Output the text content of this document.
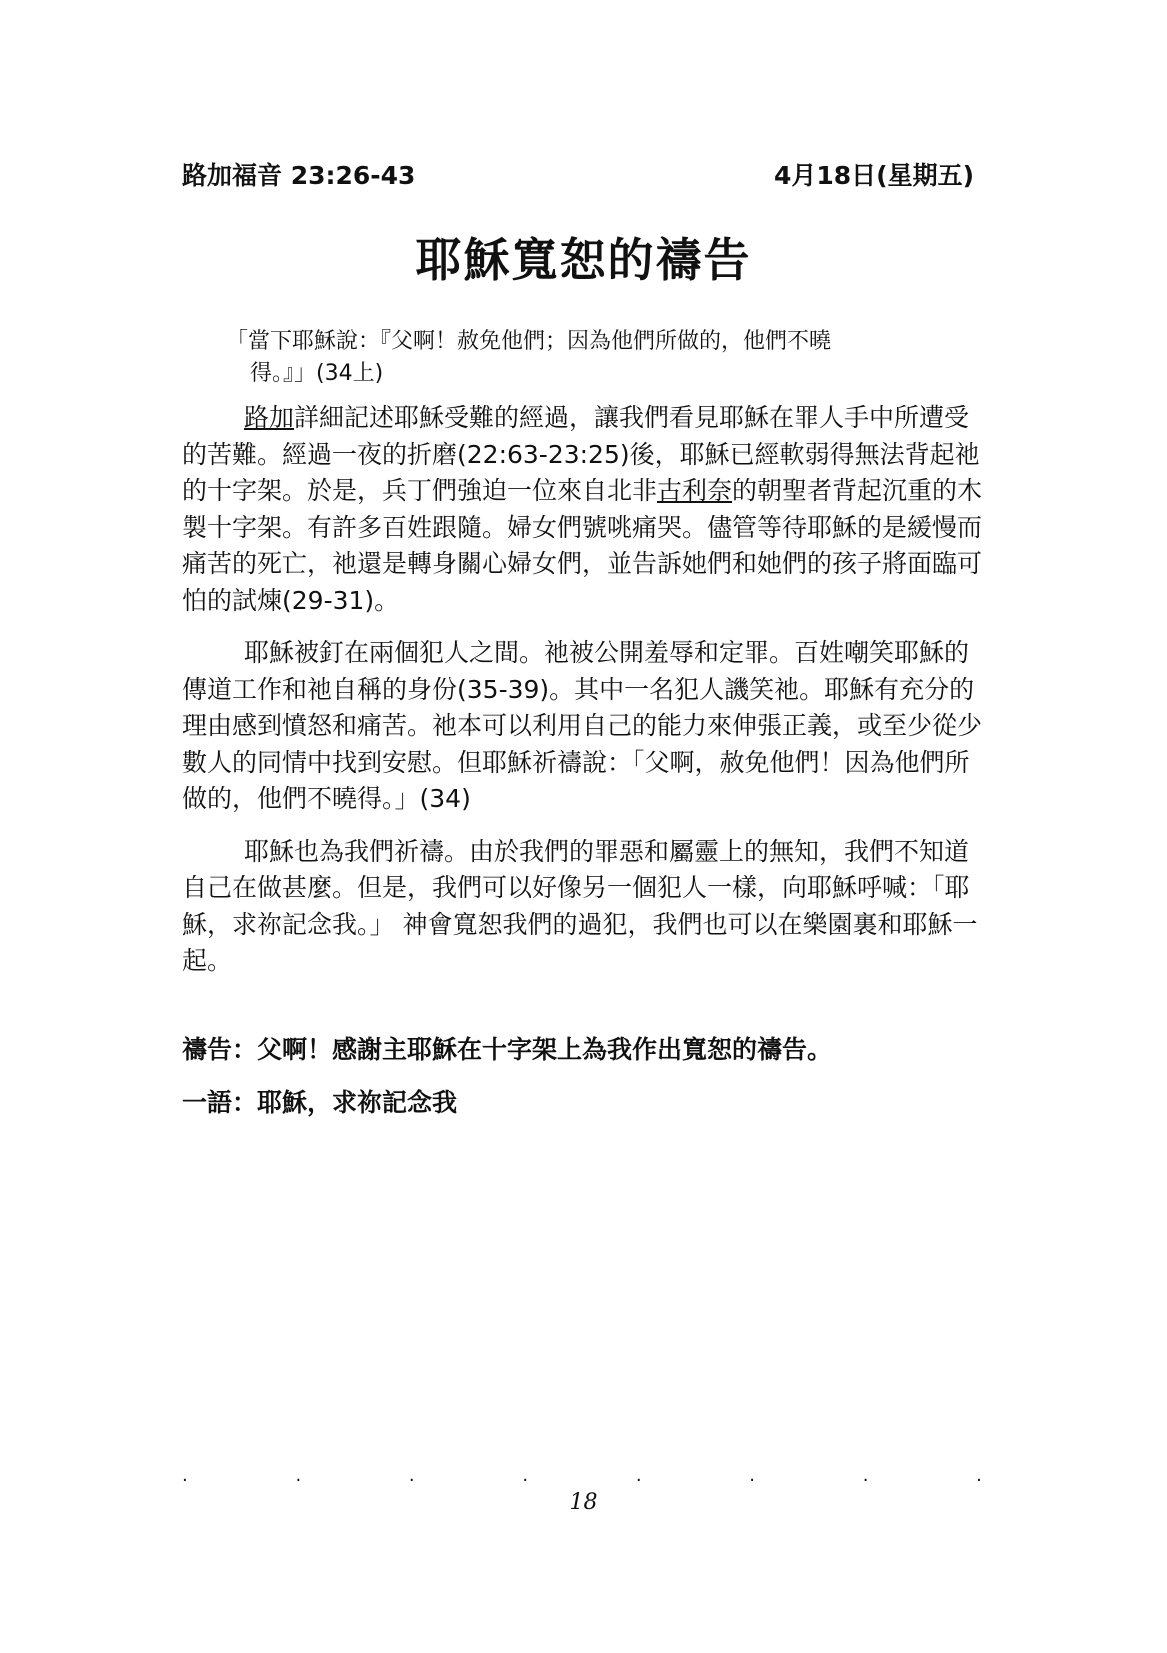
路加福音 23:26-43	4月18日(星期五)
耶穌寬恕的禱告
「當下耶穌說：『父啊！赦免他們；因為他們所做的，他們不曉
得。』」(34上)

路加詳細記述耶穌受難的經過，讓我們看見耶穌在罪人手中所遭受的苦難。經過一夜的折磨(22:63-23:25)後，耶穌已經軟弱得無法背起祂的十字架。於是，兵丁們強迫一位來自北非古利奈的朝聖者背起沉重的木製十字架。有許多百姓跟隨。婦女們號咷痛哭。儘管等待耶穌的是緩慢而痛苦的死亡，祂還是轉身關心婦女們，並告訴她們和她們的孩子將面臨可怕的試煉(29-31)。

耶穌被釘在兩個犯人之間。祂被公開羞辱和定罪。百姓嘲笑耶穌的傳道工作和祂自稱的身份(35-39)。其中一名犯人譏笑祂。耶穌有充分的理由感到憤怒和痛苦。祂本可以利用自己的能力來伸張正義，或至少從少數人的同情中找到安慰。但耶穌祈禱說：「父啊，赦免他們！因為他們所做的，他們不曉得。」(34)

耶穌也為我們祈禱。由於我們的罪惡和屬靈上的無知，我們不知道自己在做甚麼。但是，我們可以好像另一個犯人一樣，向耶穌呼喊：「耶穌，求祢記念我。」 神會寬恕我們的過犯，我們也可以在樂園裏和耶穌一起。

禱告：父啊！感謝主耶穌在十字架上為我作出寬恕的禱告。
一語：耶穌，求祢記念我
.	.	.	.	.	.	.	.
18
